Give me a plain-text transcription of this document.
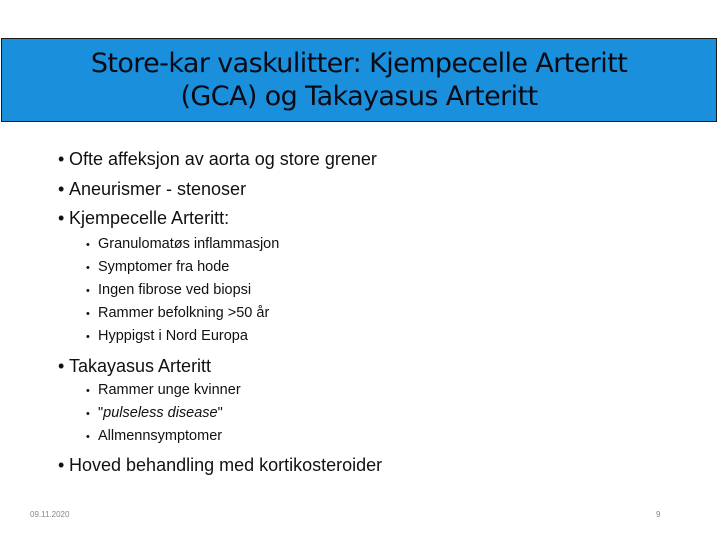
Store-kar vaskulitter: Kjempecelle Arteritt
(GCA) og Takayasus Arteritt
• Ofte affeksjon av aorta og store grener
• Aneurismer - stenoser
• Kjempecelle Arteritt:
• Granulomatøs inflammasjon
• Symptomer fra hode
• Ingen fibrose ved biopsi
• Rammer befolkning >50 år
• Hyppigst i Nord Europa
• Takayasus Arteritt
• Rammer unge kvinner
• "pulseless disease"
• Allmennsymptomer
• Hoved behandling med kortikosteroider
09.11.2020	9
